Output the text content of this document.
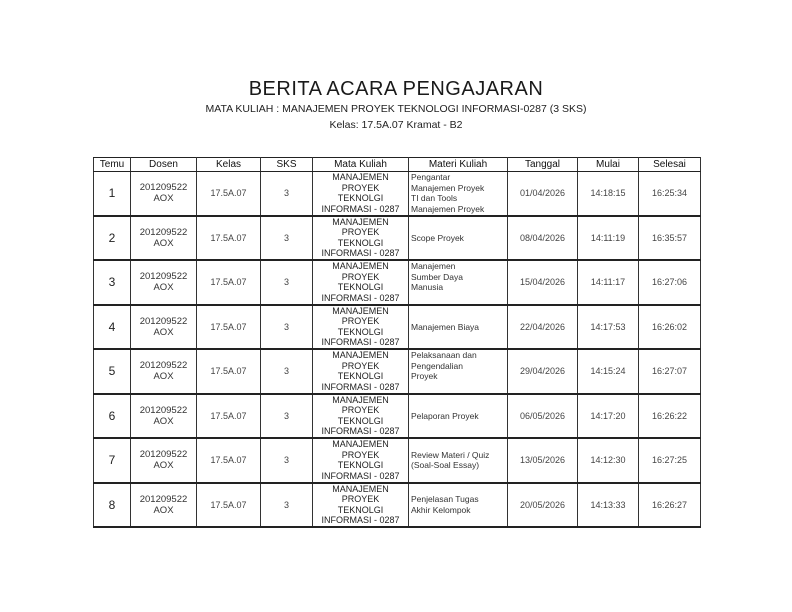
BERITA ACARA PENGAJARAN
MATA KULIAH : MANAJEMEN PROYEK TEKNOLOGI INFORMASI-0287 (3 SKS)
Kelas: 17.5A.07 Kramat - B2
Temu	Dosen	Kelas	SKS	Mata Kuliah	Materi Kuliah	Tanggal	Mulai	Selesai
1	201209522
AOX	17.5A.07	3	MANAJEMEN
PROYEK
TEKNOLGI
INFORMASI - 0287	Pengantar
Manajemen Proyek
TI dan Tools
Manajemen Proyek	01/04/2026	14:18:15	16:25:34
2	201209522
AOX	17.5A.07	3	MANAJEMEN
PROYEK
TEKNOLGI
INFORMASI - 0287	Scope Proyek	08/04/2026	14:11:19	16:35:57
3	201209522
AOX	17.5A.07	3	MANAJEMEN
PROYEK
TEKNOLGI
INFORMASI - 0287	Manajemen
Sumber Daya
Manusia	15/04/2026	14:11:17	16:27:06
4	201209522
AOX	17.5A.07	3	MANAJEMEN
PROYEK
TEKNOLGI
INFORMASI - 0287	Manajemen Biaya	22/04/2026	14:17:53	16:26:02
5	201209522
AOX	17.5A.07	3	MANAJEMEN
PROYEK
TEKNOLGI
INFORMASI - 0287	Pelaksanaan dan
Pengendalian
Proyek	29/04/2026	14:15:24	16:27:07
6	201209522
AOX	17.5A.07	3	MANAJEMEN
PROYEK
TEKNOLGI
INFORMASI - 0287	Pelaporan Proyek	06/05/2026	14:17:20	16:26:22
7	201209522
AOX	17.5A.07	3	MANAJEMEN
PROYEK
TEKNOLGI
INFORMASI - 0287	Review Materi / Quiz
(Soal-Soal Essay)	13/05/2026	14:12:30	16:27:25
8	201209522
AOX	17.5A.07	3	MANAJEMEN
PROYEK
TEKNOLGI
INFORMASI - 0287	Penjelasan Tugas
Akhir Kelompok	20/05/2026	14:13:33	16:26:27
